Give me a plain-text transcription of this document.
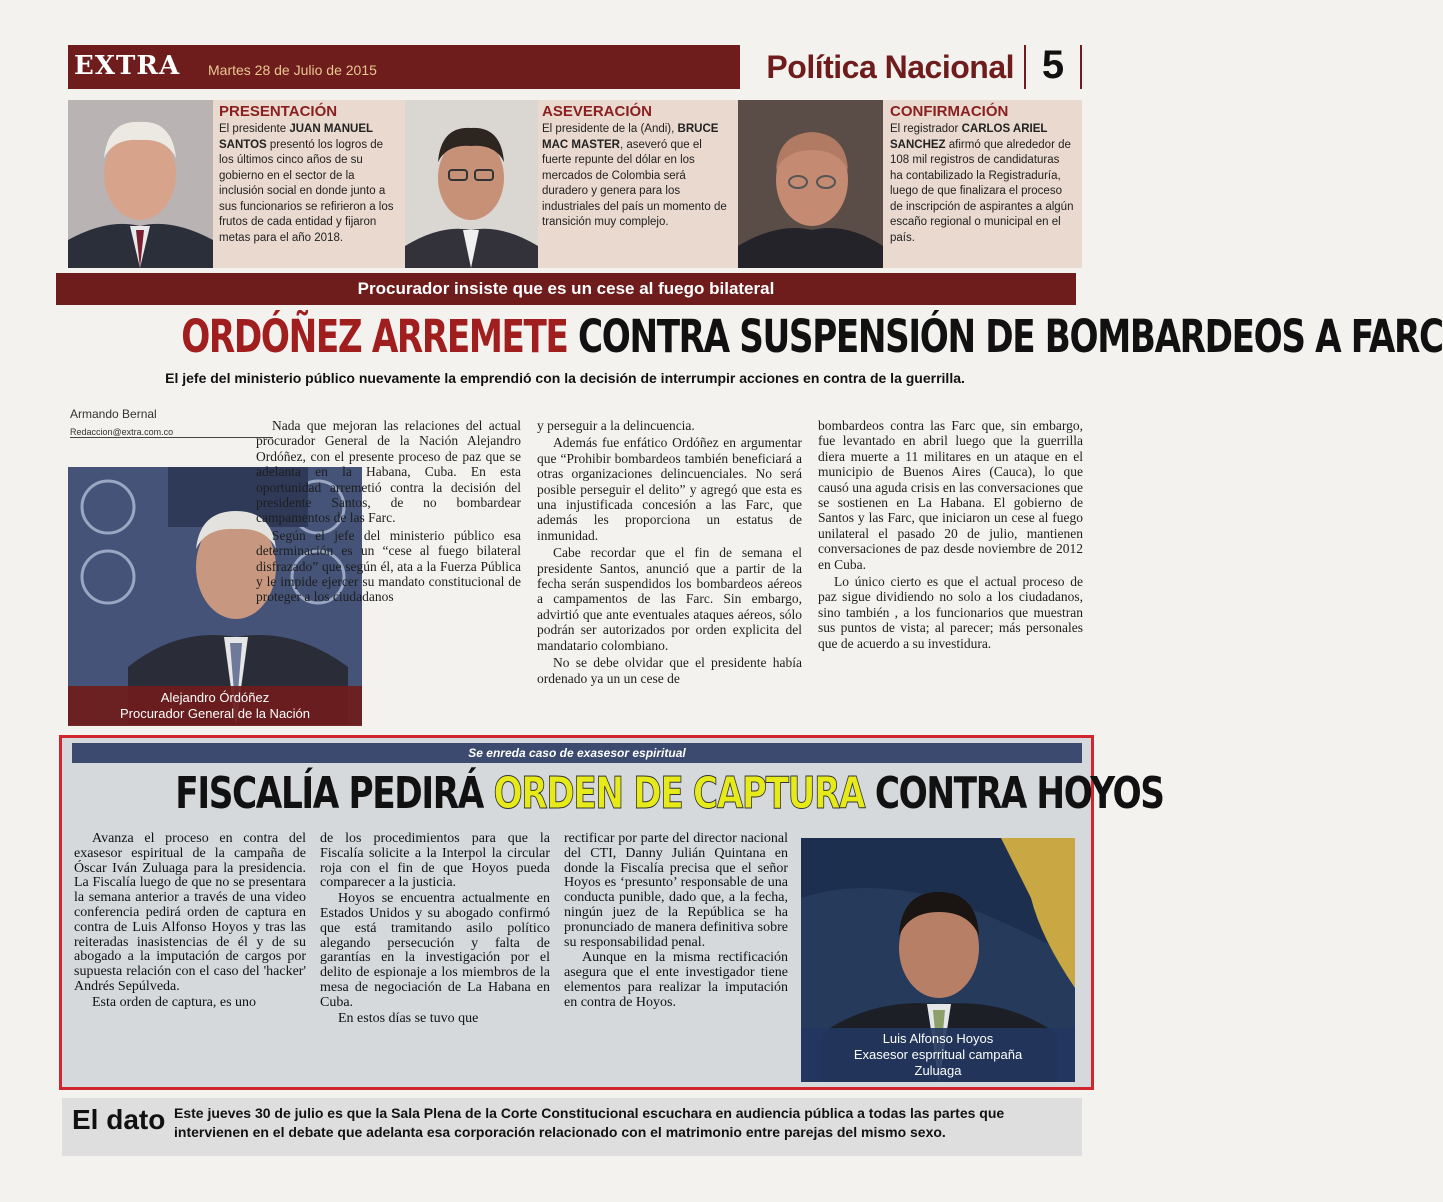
EXTRA Martes 28 de Julio de 2015	Política Nacional 5
PRESENTACIÓN
El presidente JUAN MANUEL SANTOS presentó los logros de los últimos cinco años de su gobierno en el sector de la inclusión social en donde junto a sus funcionarios se refirieron a los frutos de cada entidad y fijaron metas para el año 2018.
ASEVERACIÓN
El presidente de la (Andi), BRUCE MAC MASTER, aseveró que el fuerte repunte del dólar en los mercados de Colombia será duradero y genera para los industriales del país un momento de transición muy complejo.
CONFIRMACIÓN
El registrador CARLOS ARIEL SANCHEZ afirmó que alrededor de 108 mil registros de candidaturas ha contabilizado la Registraduría, luego de que finalizara el proceso de inscripción de aspirantes a algún escaño regional o municipal en el país.
Procurador insiste que es un cese al fuego bilateral
ORDÓÑEZ ARREMETE CONTRA SUSPENSIÓN DE BOMBARDEOS A FARC
El jefe del ministerio público nuevamente la emprendió con la decisión de interrumpir acciones en contra de la guerrilla.
Armando Bernal
Redaccion@extra.com.co
Alejandro Órdóñez
Procurador General de la Nación

Nada que mejoran las relaciones del actual procurador General de la Nación Alejandro Ordóñez, con el presente proceso de paz que se adelanta en la Habana, Cuba. En esta oportunidad arremetió contra la decisión del presidente Santos, de no bombardear campamentos de las Farc.

Según el jefe del ministerio público esa determinación es un “cese al fuego bilateral disfrazado” que según él, ata a la Fuerza Pública y le impide ejercer su mandato constitucional de proteger a los ciudadanos

y perseguir a la delincuencia.

Además fue enfático Ordóñez en argumentar que “Prohibir bombardeos también beneficiará a otras organizaciones delincuenciales. No será posible perseguir el delito” y agregó que esta es una injustificada concesión a las Farc, que además les proporciona un estatus de inmunidad.

Cabe recordar que el fin de semana el presidente Santos, anunció que a partir de la fecha serán suspendidos los bombardeos aéreos a campamentos de las Farc. Sin embargo, advirtió que ante eventuales ataques aéreos, sólo podrán ser autorizados por orden explicita del mandatario colombiano.

No se debe olvidar que el presidente había ordenado ya un un cese de

bombardeos contra las Farc que, sin embargo, fue levantado en abril luego que la guerrilla diera muerte a 11 militares en un ataque en el municipio de Buenos Aires (Cauca), lo que causó una aguda crisis en las conversaciones que se sostienen en La Habana. El gobierno de Santos y las Farc, que iniciaron un cese al fuego unilateral el pasado 20 de julio, mantienen conversaciones de paz desde noviembre de 2012 en Cuba.

Lo único cierto es que el actual proceso de paz sigue dividiendo no solo a los ciudadanos, sino también , a los funcionarios que muestran sus puntos de vista; al parecer; más personales que de acuerdo a su investidura.

Se enreda caso de exasesor espiritual
FISCALÍA PEDIRÁ ORDEN DE CAPTURA CONTRA HOYOS

Avanza el proceso en contra del exasesor espiritual de la campaña de Óscar Iván Zuluaga para la presidencia. La Fiscalía luego de que no se presentara la semana anterior a través de una video conferencia pedirá orden de captura en contra de Luis Alfonso Hoyos y tras las reiteradas inasistencias de él y de su abogado a la imputación de cargos por supuesta relación con el caso del 'hacker' Andrés Sepúlveda.

Esta orden de captura, es uno

de los procedimientos para que la Fiscalía solicite a la Interpol la circular roja con el fin de que Hoyos pueda comparecer a la justicia.

Hoyos se encuentra actualmente en Estados Unidos y su abogado confirmó que está tramitando asilo político alegando persecución y falta de garantías en la investigación por el delito de espionaje a los miembros de la mesa de negociación de La Habana en Cuba.

En estos días se tuvo que

rectificar por parte del director nacional del CTI, Danny Julián Quintana en donde la Fiscalía precisa que el señor Hoyos es ‘presunto’ responsable de una conducta punible, dado que, a la fecha, ningún juez de la República se ha pronunciado de manera definitiva sobre su responsabilidad penal.

Aunque en la misma rectificación asegura que el ente investigador tiene elementos para realizar la imputación en contra de Hoyos.

Luis Alfonso Hoyos
Exasesor esprritual campaña
Zuluaga
El dato Este jueves 30 de julio es que la Sala Plena de la Corte Constitucional escuchara en audiencia pública a todas las partes que intervienen en el debate que adelanta esa corporación relacionado con el matrimonio entre parejas del mismo sexo.
